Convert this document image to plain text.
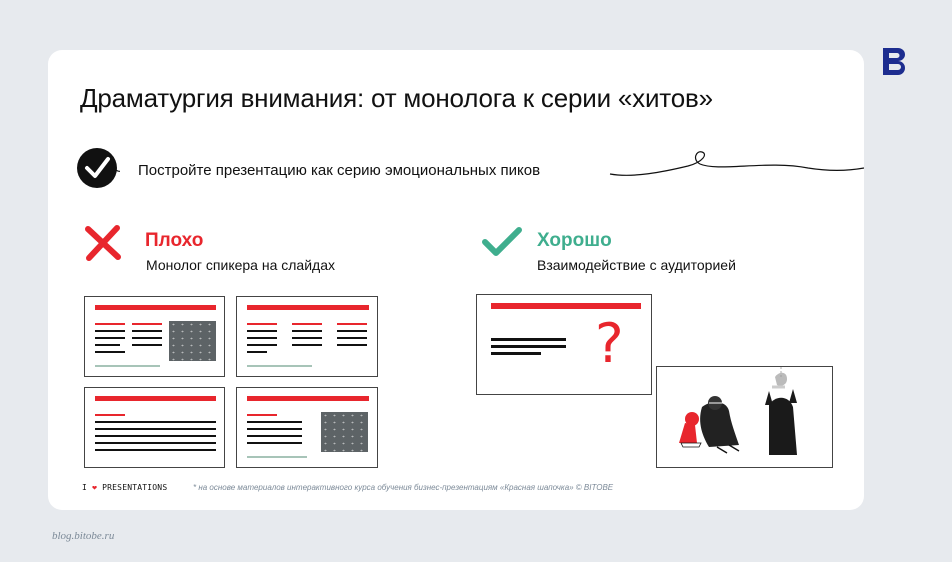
Драматургия внимания: от монолога к серии «хитов»
Постройте презентацию как серию эмоциональных пиков
Плохо
Монолог спикера на слайдах
Хорошо
Взаимодействие с аудиторией
?
I ❤ PRESENTATIONS	* на основе материалов интерактивного курса обучения бизнес-презентациям «Красная шапочка» © BITOBE
blog.bitobe.ru
